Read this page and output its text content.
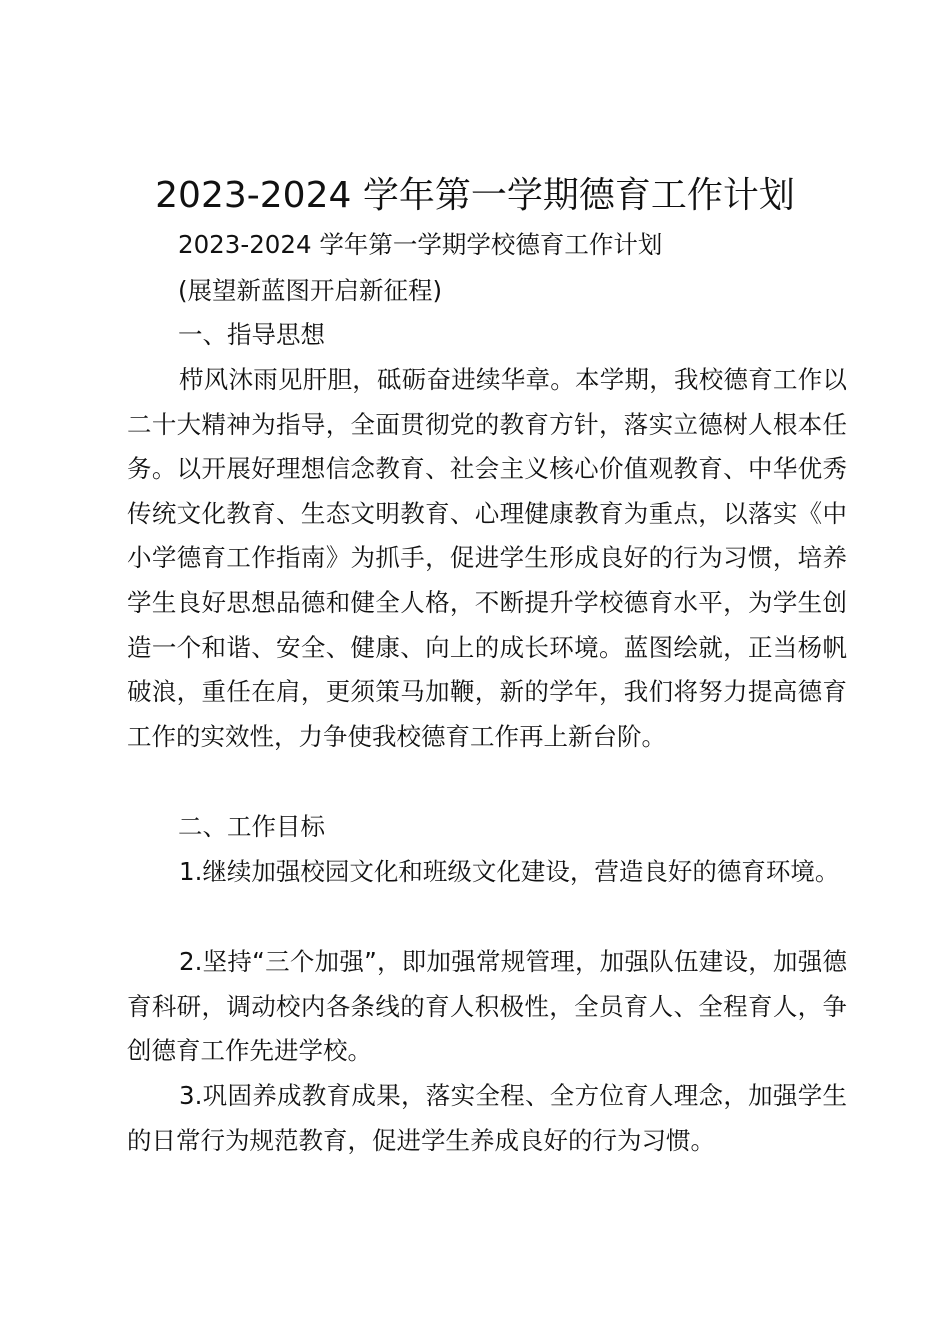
2023-2024 学年第一学期德育工作计划

2023-2024 学年第一学期学校德育工作计划

(展望新蓝图开启新征程)

一、指导思想

栉风沐雨见肝胆，砥砺奋进续华章。本学期，我校德育工作以二十大精神为指导，全面贯彻党的教育方针，落实立德树人根本任务。以开展好理想信念教育、社会主义核心价值观教育、中华优秀传统文化教育、生态文明教育、心理健康教育为重点，以落实《中小学德育工作指南》为抓手，促进学生形成良好的行为习惯，培养学生良好思想品德和健全人格，不断提升学校德育水平，为学生创造一个和谐、安全、健康、向上的成长环境。蓝图绘就，正当杨帆破浪，重任在肩，更须策马加鞭，新的学年，我们将努力提高德育工作的实效性，力争使我校德育工作再上新台阶。

二、工作目标

1.继续加强校园文化和班级文化建设，营造良好的德育环境。

2.坚持“三个加强”，即加强常规管理，加强队伍建设，加强德育科研，调动校内各条线的育人积极性，全员育人、全程育人，争创德育工作先进学校。

3.巩固养成教育成果，落实全程、全方位育人理念，加强学生的日常行为规范教育，促进学生养成良好的行为习惯。
